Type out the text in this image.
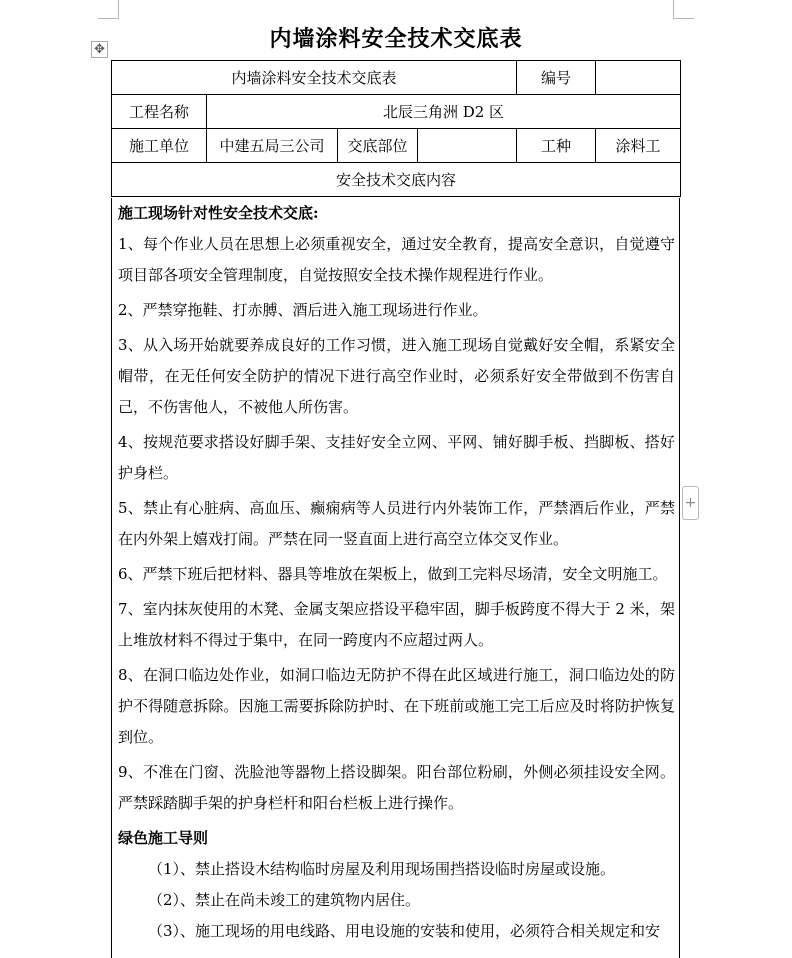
✥	内墙涂料安全技术交底表
内墙涂料安全技术交底表				编号	
工程名称	北辰三角洲 D2 区				
施工单位	中建五局三公司	交底部位		工种	涂料工
安全技术交底内容					

施工现场针对性安全技术交底:

1、每个作业人员在思想上必须重视安全，通过安全教育，提高安全意识，自觉遵守项目部各项安全管理制度，自觉按照安全技术操作规程进行作业。

2、严禁穿拖鞋、打赤膊、酒后进入施工现场进行作业。

3、从入场开始就要养成良好的工作习惯，进入施工现场自觉戴好安全帽，系紧安全帽带，在无任何安全防护的情况下进行高空作业时，必须系好安全带做到不伤害自己，不伤害他人，不被他人所伤害。

4、按规范要求搭设好脚手架、支挂好安全立网、平网、铺好脚手板、挡脚板、搭好护身栏。

5、禁止有心脏病、高血压、癫痫病等人员进行内外装饰工作，严禁酒后作业，严禁在内外架上嬉戏打闹。严禁在同一竖直面上进行高空立体交叉作业。

6、严禁下班后把材料、器具等堆放在架板上，做到工完料尽场清，安全文明施工。

7、室内抹灰使用的木凳、金属支架应搭设平稳牢固，脚手板跨度不得大于 2 米，架上堆放材料不得过于集中，在同一跨度内不应超过两人。

8、在洞口临边处作业，如洞口临边无防护不得在此区域进行施工，洞口临边处的防护不得随意拆除。因施工需要拆除防护时、在下班前或施工完工后应及时将防护恢复到位。

9、不准在门窗、洗脸池等器物上搭设脚架。阳台部位粉刷，外侧必须挂设安全网。严禁踩踏脚手架的护身栏杆和阳台栏板上进行操作。

绿色施工导则

（1）、禁止搭设木结构临时房屋及利用现场围挡搭设临时房屋或设施。

（2）、禁止在尚未竣工的建筑物内居住。

（3）、施工现场的用电线路、用电设施的安装和使用，必须符合相关规定和安

+
